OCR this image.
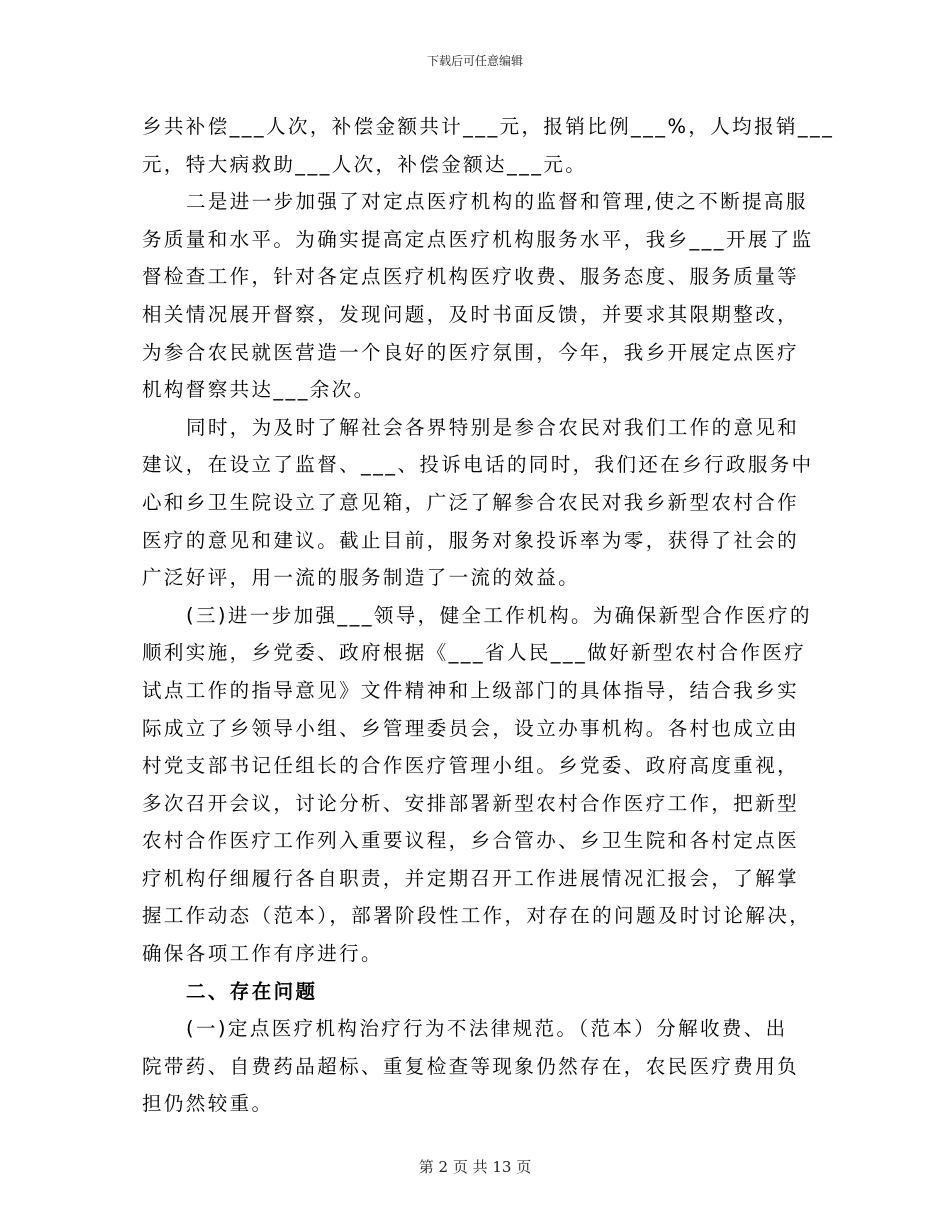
下载后可任意编辑
乡共补偿___人次，补偿金额共计___元，报销比例___%，人均报销___
元，特大病救助___人次，补偿金额达___元。
二是进一步加强了对定点医疗机构的监督和管理,使之不断提高服
务质量和水平。为确实提高定点医疗机构服务水平，我乡___开展了监
督检查工作，针对各定点医疗机构医疗收费、服务态度、服务质量等
相关情况展开督察，发现问题，及时书面反馈，并要求其限期整改，
为参合农民就医营造一个良好的医疗氛围，今年，我乡开展定点医疗
机构督察共达___余次。
同时，为及时了解社会各界特别是参合农民对我们工作的意见和
建议，在设立了监督、___、投诉电话的同时，我们还在乡行政服务中
心和乡卫生院设立了意见箱，广泛了解参合农民对我乡新型农村合作
医疗的意见和建议。截止目前，服务对象投诉率为零，获得了社会的
广泛好评，用一流的服务制造了一流的效益。
(三)进一步加强___领导，健全工作机构。为确保新型合作医疗的
顺利实施，乡党委、政府根据《___省人民___做好新型农村合作医疗
试点工作的指导意见》文件精神和上级部门的具体指导，结合我乡实
际成立了乡领导小组、乡管理委员会，设立办事机构。各村也成立由
村党支部书记任组长的合作医疗管理小组。乡党委、政府高度重视，
多次召开会议，讨论分析、安排部署新型农村合作医疗工作，把新型
农村合作医疗工作列入重要议程，乡合管办、乡卫生院和各村定点医
疗机构仔细履行各自职责，并定期召开工作进展情况汇报会，了解掌
握工作动态（范本），部署阶段性工作，对存在的问题及时讨论解决，
确保各项工作有序进行。
二、存在问题
(一)定点医疗机构治疗行为不法律规范。（范本）分解收费、出
院带药、自费药品超标、重复检查等现象仍然存在，农民医疗费用负
担仍然较重。
第 2 页 共 13 页
